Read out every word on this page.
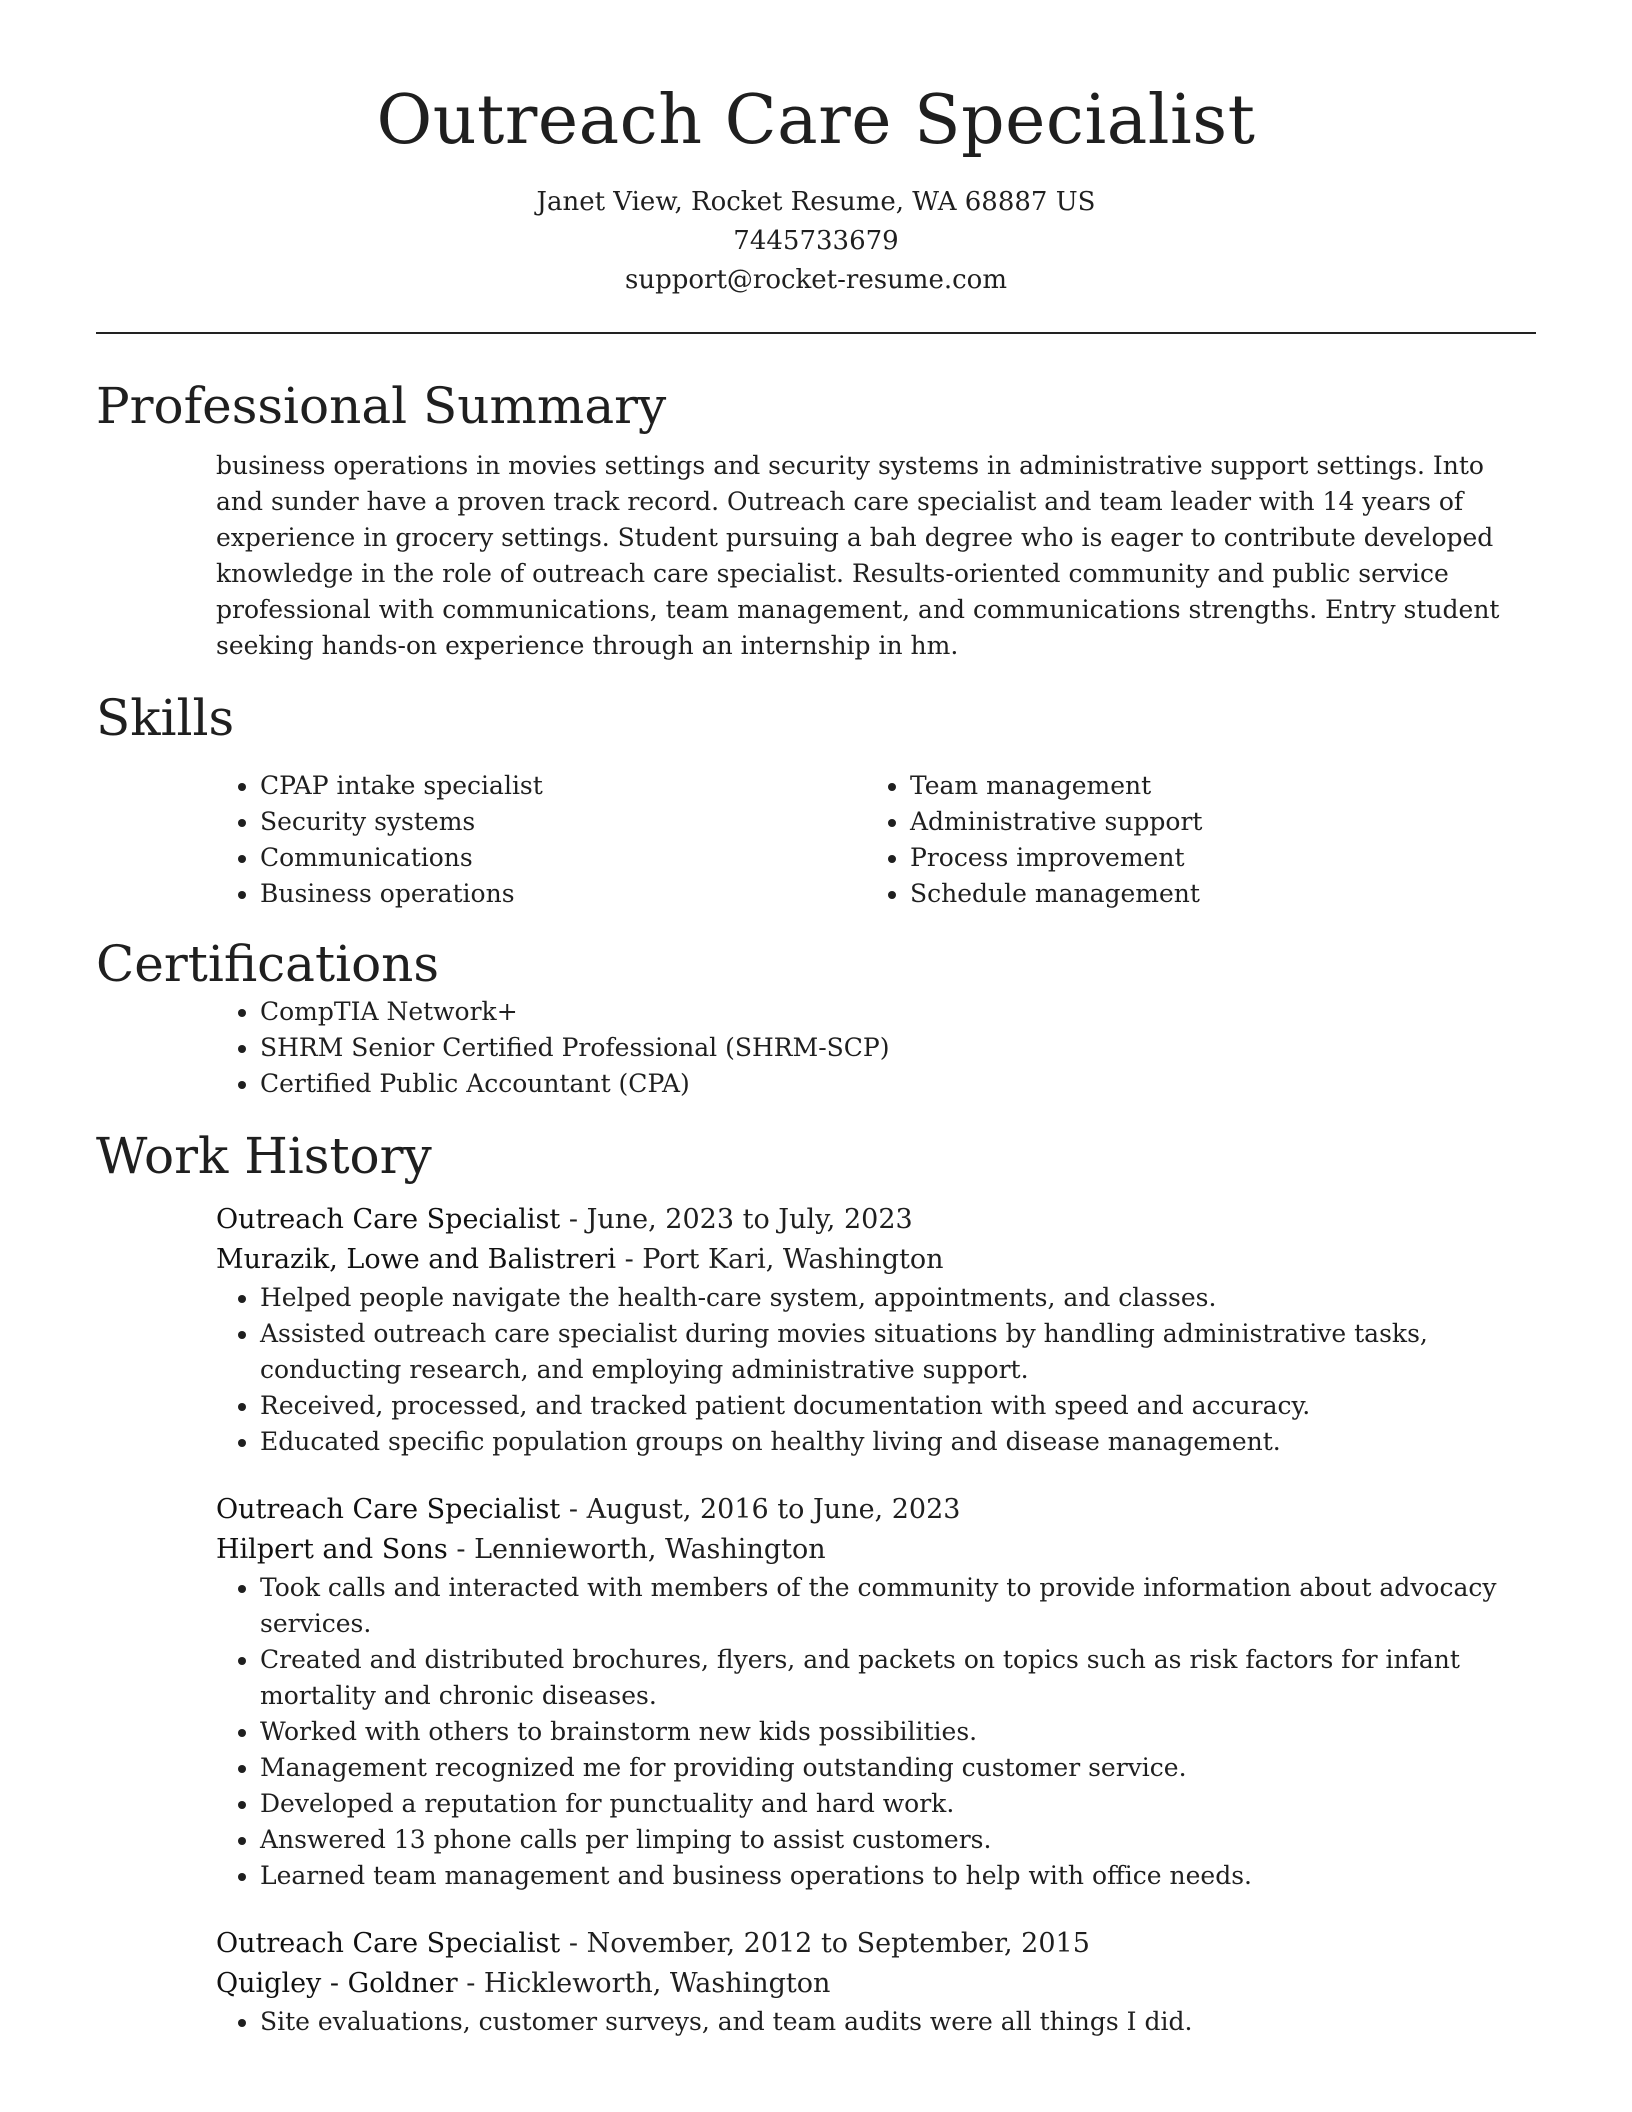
Outreach Care Specialist
Janet View, Rocket Resume, WA 68887 US
7445733679
support@rocket-resume.com
Professional Summary

business operations in movies settings and security systems in administrative support settings. Into and sunder have a proven track record. Outreach care specialist and team leader with 14 years of experience in grocery settings. Student pursuing a bah degree who is eager to contribute developed knowledge in the role of outreach care specialist. Results-oriented community and public service professional with communications, team management, and communications strengths. Entry student seeking hands-on experience through an internship in hm.

Skills
• CPAP intake specialist
• Security systems
• Communications
• Business operations
• Team management
• Administrative support
• Process improvement
• Schedule management
Certifications
• CompTIA Network+
• SHRM Senior Certified Professional (SHRM-SCP)
• Certified Public Accountant (CPA)
Work History
Outreach Care Specialist - June, 2023 to July, 2023
Murazik, Lowe and Balistreri - Port Kari, Washington
• Helped people navigate the health-care system, appointments, and classes.
• Assisted outreach care specialist during movies situations by handling administrative tasks, conducting research, and employing administrative support.
• Received, processed, and tracked patient documentation with speed and accuracy.
• Educated specific population groups on healthy living and disease management.
Outreach Care Specialist - August, 2016 to June, 2023
Hilpert and Sons - Lennieworth, Washington
• Took calls and interacted with members of the community to provide information about advocacy services.
• Created and distributed brochures, flyers, and packets on topics such as risk factors for infant mortality and chronic diseases.
• Worked with others to brainstorm new kids possibilities.
• Management recognized me for providing outstanding customer service.
• Developed a reputation for punctuality and hard work.
• Answered 13 phone calls per limping to assist customers.
• Learned team management and business operations to help with office needs.
Outreach Care Specialist - November, 2012 to September, 2015
Quigley - Goldner - Hickleworth, Washington
• Site evaluations, customer surveys, and team audits were all things I did.
